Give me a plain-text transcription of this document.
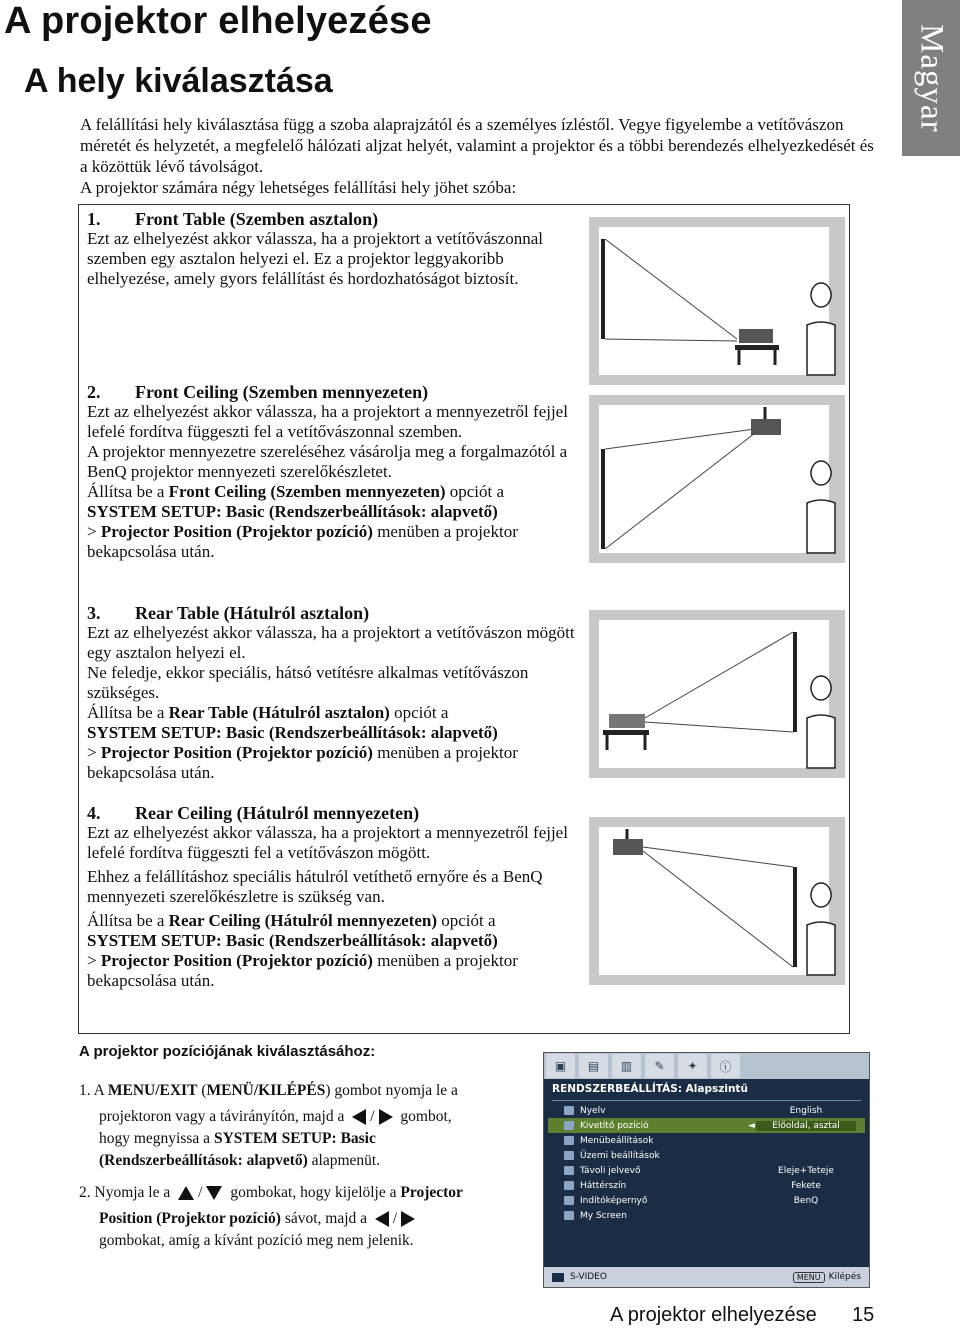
A projektor elhelyezése
A hely kiválasztása	Magyar

A felállítási hely kiválasztása függ a szoba alaprajzától és a személyes ízléstől. Vegye figyelembe a vetítővászon méretét és helyzetét, a megfelelő hálózati aljzat helyét, valamint a projektor és a többi berendezés elhelyezkedését és a közöttük lévő távolságot.

A projektor számára négy lehetséges felállítási hely jöhet szóba:

1. Front Table (Szemben asztalon)

Ezt az elhelyezést akkor válassza, ha a projektort a vetítővászonnal szemben egy asztalon helyezi el. Ez a projektor leggyakoribb elhelyezése, amely gyors felállítást és hordozhatóságot biztosít.

2. Front Ceiling (Szemben mennyezeten)

Ezt az elhelyezést akkor válassza, ha a projektort a mennyezetről fejjel lefelé fordítva függeszti fel a vetítővászonnal szemben.

A projektor mennyezetre szereléséhez vásárolja meg a forgalmazótól a BenQ projektor mennyezeti szerelőkészletet.

Állítsa be a Front Ceiling (Szemben mennyezeten) opciót a

SYSTEM SETUP: Basic (Rendszerbeállítások: alapvető)

> Projector Position (Projektor pozíció) menüben a projektor bekapcsolása után.

3. Rear Table (Hátulról asztalon)

Ezt az elhelyezést akkor válassza, ha a projektort a vetítővászon mögött egy asztalon helyezi el.

Ne feledje, ekkor speciális, hátsó vetítésre alkalmas vetítővászon szükséges.

Állítsa be a Rear Table (Hátulról asztalon) opciót a

SYSTEM SETUP: Basic (Rendszerbeállítások: alapvető)

> Projector Position (Projektor pozíció) menüben a projektor bekapcsolása után.

4. Rear Ceiling (Hátulról mennyezeten)

Ezt az elhelyezést akkor válassza, ha a projektort a mennyezetről fejjel lefelé fordítva függeszti fel a vetítővászon mögött.

Ehhez a felállításhoz speciális hátulról vetíthető ernyőre és a BenQ mennyezeti szerelőkészletre is szükség van.

Állítsa be a Rear Ceiling (Hátulról mennyezeten) opciót a

SYSTEM SETUP: Basic (Rendszerbeállítások: alapvető)

> Projector Position (Projektor pozíció) menüben a projektor bekapcsolása után.

A projektor pozíciójának kiválasztásához:

1. A MENU/EXIT (MENÜ/KILÉPÉS) gombot nyomja le a

projektoron vagy a távirányítón, majd a / gombot,

hogy megnyissa a SYSTEM SETUP: Basic

(Rendszerbeállítások: alapvető) alapmenüt.

2. Nyomja le a / gombokat, hogy kijelölje a Projector

Position (Projektor pozíció) sávot, majd a /

gombokat, amíg a kívánt pozíció meg nem jelenik.

▣	▤	▥	✎	✦	ⓘ
RENDSZERBEÁLLÍTÁS: Alapszintű
Nyelv	English
Kivetítő pozíció	◄	Előoldal, asztal
Menübeállítások
Üzemi beállítások
Távoli jelvevő	Eleje+Teteje
Háttérszín	Fekete
Indítóképernyő	BenQ
My Screen
S-VIDEO	MENU Kilépés
A projektor elhelyezése 15
